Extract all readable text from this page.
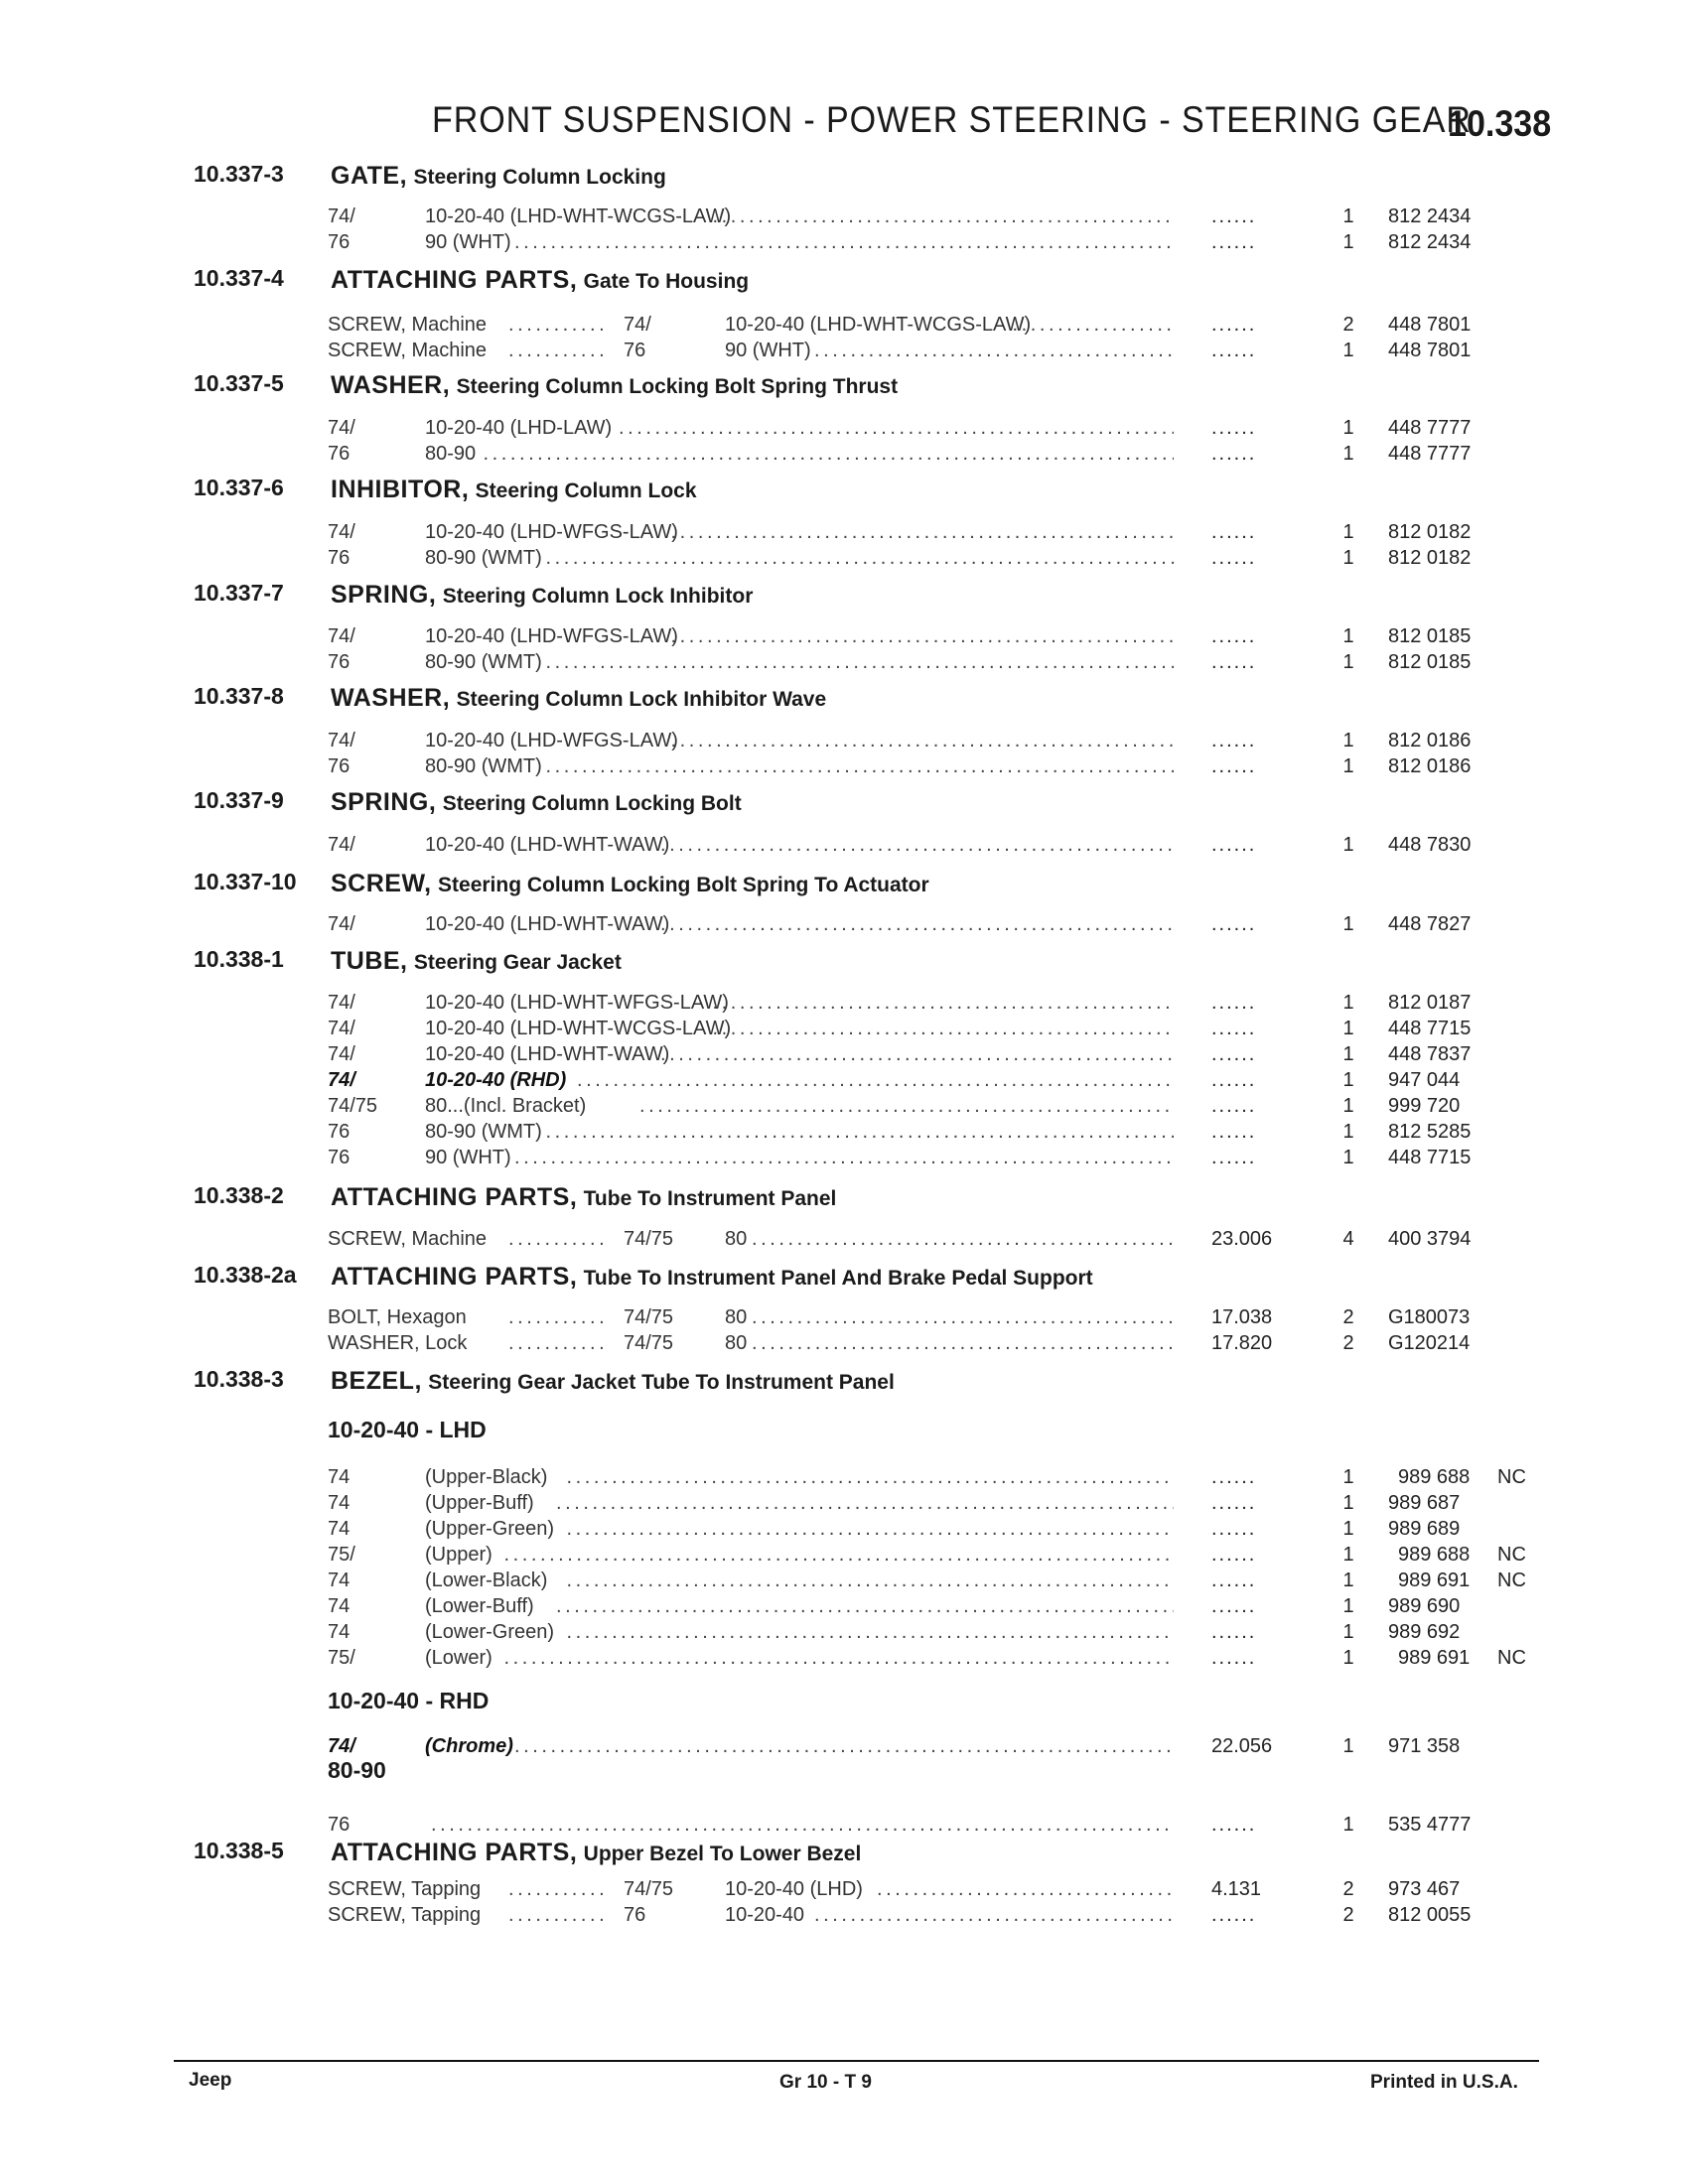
FRONT SUSPENSION - POWER STEERING - STEERING GEAR
10.338
10.337-3	GATE, Steering Column Locking
74/	10-20-40 (LHD-WHT-WCGS-LAW) . . .	......	1 812 2434
76	90 (WHT) . . .	......	1 812 2434
10.337-4	ATTACHING PARTS, Gate To Housing
SCREW, Machine . . .	74/	10-20-40 (LHD-WHT-WCGS-LAW) . . .	......	2 448 7801
SCREW, Machine . . .	76	90 (WHT) . . .	......	1 448 7801
10.337-5	WASHER, Steering Column Locking Bolt Spring Thrust
74/	10-20-40 (LHD-LAW) . . .	......	1 448 7777
76	80-90 . . .	......	1 448 7777
10.337-6	INHIBITOR, Steering Column Lock
74/	10-20-40 (LHD-WFGS-LAW) . . .	......	1 812 0182
76	80-90 (WMT) . . .	......	1 812 0182
10.337-7	SPRING, Steering Column Lock Inhibitor
74/	10-20-40 (LHD-WFGS-LAW) . . .	......	1 812 0185
76	80-90 (WMT) . . .	......	1 812 0185
10.337-8	WASHER, Steering Column Lock Inhibitor Wave
74/	10-20-40 (LHD-WFGS-LAW) . . .	......	1 812 0186
76	80-90 (WMT) . . .	......	1 812 0186
10.337-9	SPRING, Steering Column Locking Bolt
74/	10-20-40 (LHD-WHT-WAW) . . .	......	1 448 7830
10.337-10	SCREW, Steering Column Locking Bolt Spring To Actuator
74/	10-20-40 (LHD-WHT-WAW) . . .	......	1 448 7827
10.338-1	TUBE, Steering Gear Jacket
74/	10-20-40 (LHD-WHT-WFGS-LAW) . . .	......	1 812 0187
74/	10-20-40 (LHD-WHT-WCGS-LAW) . . .	......	1 448 7715
74/	10-20-40 (LHD-WHT-WAW) . . .	......	1 448 7837
74/	10-20-40 (RHD) . . .	......	1 947 044
74/75 80...(Incl. Bracket) . . .	......	1 999 720
76	80-90 (WMT) . . .	......	1 812 5285
76	90 (WHT) . . .	......	1 448 7715
10.338-2	ATTACHING PARTS, Tube To Instrument Panel
SCREW, Machine . . .	74/75	80 . . .	23.006	4 400 3794
10.338-2a	ATTACHING PARTS, Tube To Instrument Panel And Brake Pedal Support
BOLT, Hexagon . . .	74/75	80 . . .	17.038	2 G180073
WASHER, Lock . . .	74/75	80 . . .	17.820	2 G120214
10.338-3	BEZEL, Steering Gear Jacket Tube To Instrument Panel
10-20-40 - LHD
74	(Upper-Black) . . .	......	1 989 688 NC
74	(Upper-Buff) . . .	......	1 989 687
74	(Upper-Green) . . .	......	1 989 689
75/	(Upper) . . .	......	1 989 688 NC
74	(Lower-Black) . . .	......	1 989 691 NC
74	(Lower-Buff) . . .	......	1 989 690
74	(Lower-Green) . . .	......	1 989 692
75/	(Lower) . . .	......	1 989 691 NC
10-20-40 - RHD
74/	(Chrome) . . .	22.056	1 971 358
80-90
76 . . .	......	1 535 4777
10.338-5	ATTACHING PARTS, Upper Bezel To Lower Bezel
SCREW, Tapping . . .	74/75	10-20-40 (LHD) . . .	4.131	2 973 467
SCREW, Tapping . . .	76	10-20-40 . . .	......	2 812 0055
Jeep	Gr 10 - T 9	Printed in U.S.A.
